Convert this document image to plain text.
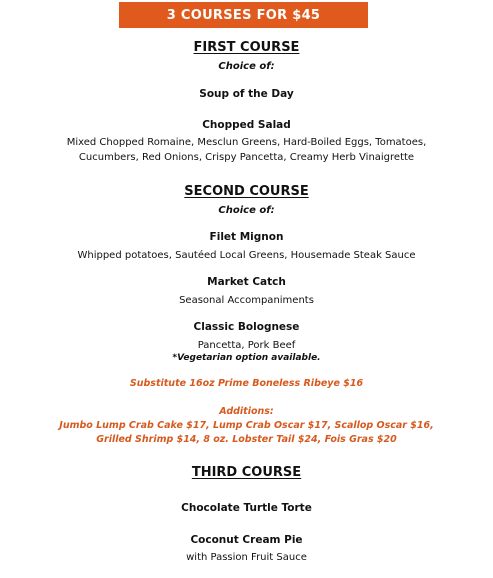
3 COURSES FOR $45
FIRST COURSE
Choice of:
Soup of the Day
Chopped Salad
Mixed Chopped Romaine, Mesclun Greens, Hard-Boiled Eggs, Tomatoes,
Cucumbers, Red Onions, Crispy Pancetta, Creamy Herb Vinaigrette
SECOND COURSE
Choice of:
Filet Mignon
Whipped potatoes, Sautéed Local Greens, Housemade Steak Sauce
Market Catch
Seasonal Accompaniments
Classic Bolognese
Pancetta, Pork Beef
*Vegetarian option available.
Substitute 16oz Prime Boneless Ribeye $16
Additions:
Jumbo Lump Crab Cake $17, Lump Crab Oscar $17, Scallop Oscar $16,
Grilled Shrimp $14, 8 oz. Lobster Tail $24, Fois Gras $20
THIRD COURSE
Chocolate Turtle Torte
Coconut Cream Pie
with Passion Fruit Sauce
